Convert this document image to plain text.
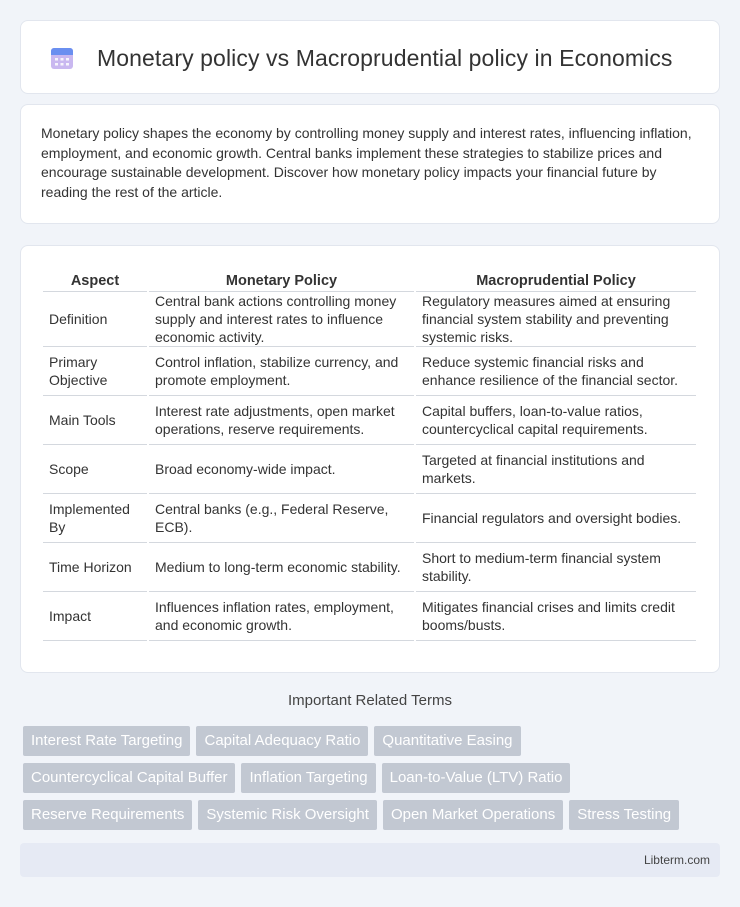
Monetary policy vs Macroprudential policy in Economics

Monetary policy shapes the economy by controlling money supply and interest rates, influencing inflation, employment, and economic growth. Central banks implement these strategies to stabilize prices and encourage sustainable development. Discover how monetary policy impacts your financial future by reading the rest of the article.

Aspect	Monetary Policy	Macroprudential Policy
Definition	Central bank actions controlling money supply and interest rates to influence economic activity.	Regulatory measures aimed at ensuring financial system stability and preventing systemic risks.
Primary Objective	Control inflation, stabilize currency, and promote employment.	Reduce systemic financial risks and enhance resilience of the financial sector.
Main Tools	Interest rate adjustments, open market operations, reserve requirements.	Capital buffers, loan-to-value ratios, countercyclical capital requirements.
Scope	Broad economy-wide impact.	Targeted at financial institutions and markets.
Implemented By	Central banks (e.g., Federal Reserve, ECB).	Financial regulators and oversight bodies.
Time Horizon	Medium to long-term economic stability.	Short to medium-term financial system stability.
Impact	Influences inflation rates, employment, and economic growth.	Mitigates financial crises and limits credit booms/busts.
Important Related Terms
Interest Rate Targeting	Capital Adequacy Ratio	Quantitative Easing
Countercyclical Capital Buffer	Inflation Targeting	Loan-to-Value (LTV) Ratio
Reserve Requirements	Systemic Risk Oversight	Open Market Operations	Stress Testing
Libterm.com
